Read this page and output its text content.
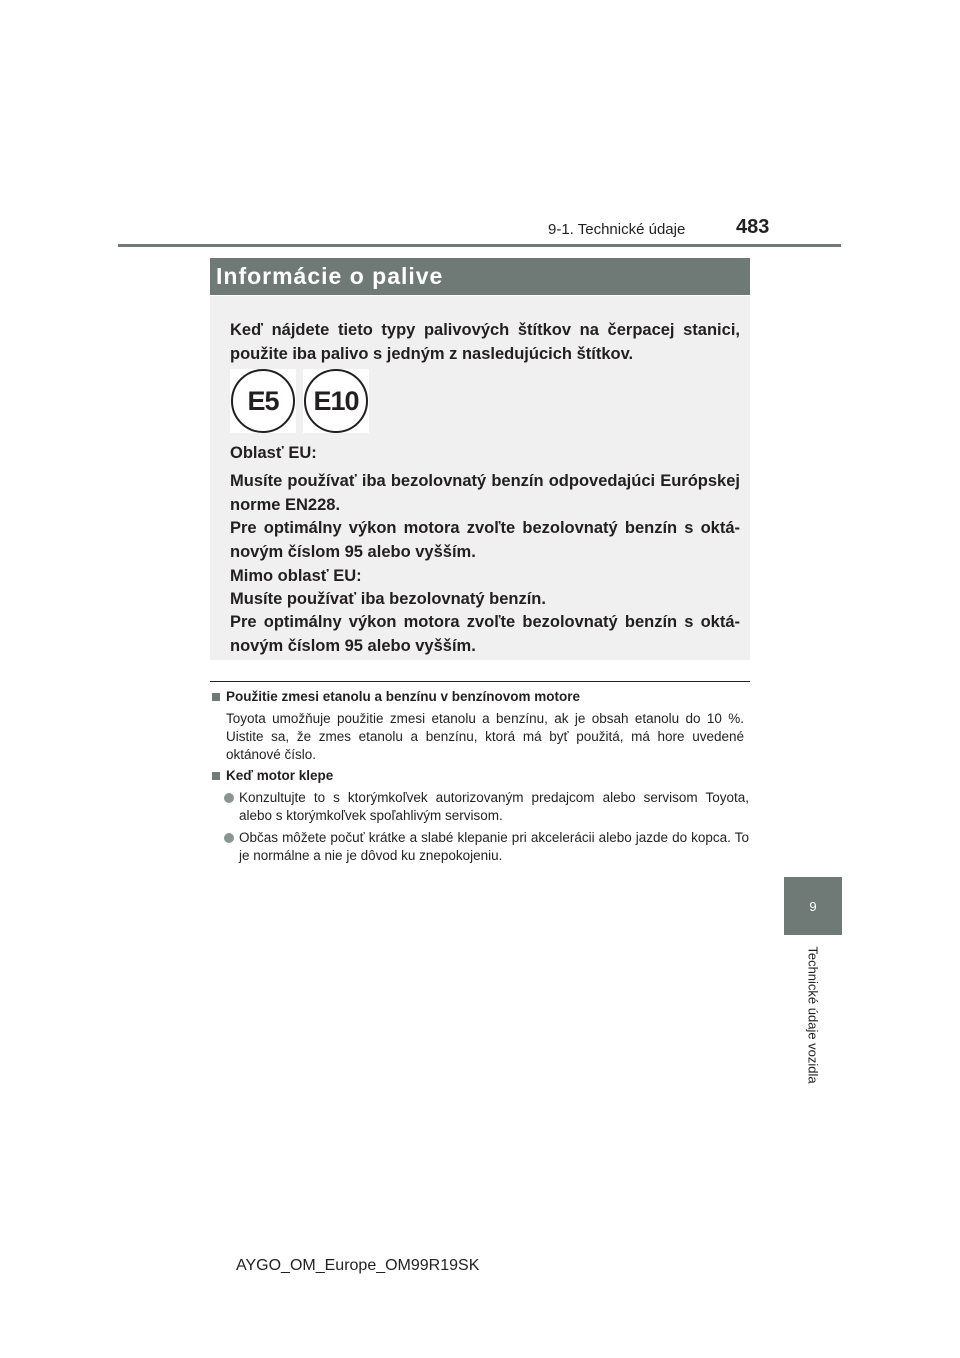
9-1. Technické údaje	483
9
Technické údaje vozidla
Informácie o palive
Keď nájdete tieto typy palivových štítkov na čerpacej stanici, použite iba palivo s jedným z nasledujúcich štítkov.
E5	E10
Oblasť EU:
Musíte používať iba bezolovnatý benzín odpovedajúci Európskej norme EN228.
Pre optimálny výkon motora zvoľte bezolovnatý benzín s oktá-novým číslom 95 alebo vyšším.
Mimo oblasť EU:
Musíte používať iba bezolovnatý benzín.
Pre optimálny výkon motora zvoľte bezolovnatý benzín s oktá-novým číslom 95 alebo vyšším.
Použitie zmesi etanolu a benzínu v benzínovom motore
Toyota umožňuje použitie zmesi etanolu a benzínu, ak je obsah etanolu do 10 %. Uistite sa, že zmes etanolu a benzínu, ktorá má byť použitá, má hore uvedené oktánové číslo.
Keď motor klepe
Konzultujte to s ktorýmkoľvek autorizovaným predajcom alebo servisom Toyota, alebo s ktorýmkoľvek spoľahlivým servisom.
Občas môžete počuť krátke a slabé klepanie pri akcelerácii alebo jazde do kopca. To je normálne a nie je dôvod ku znepokojeniu.
AYGO_OM_Europe_OM99R19SK
